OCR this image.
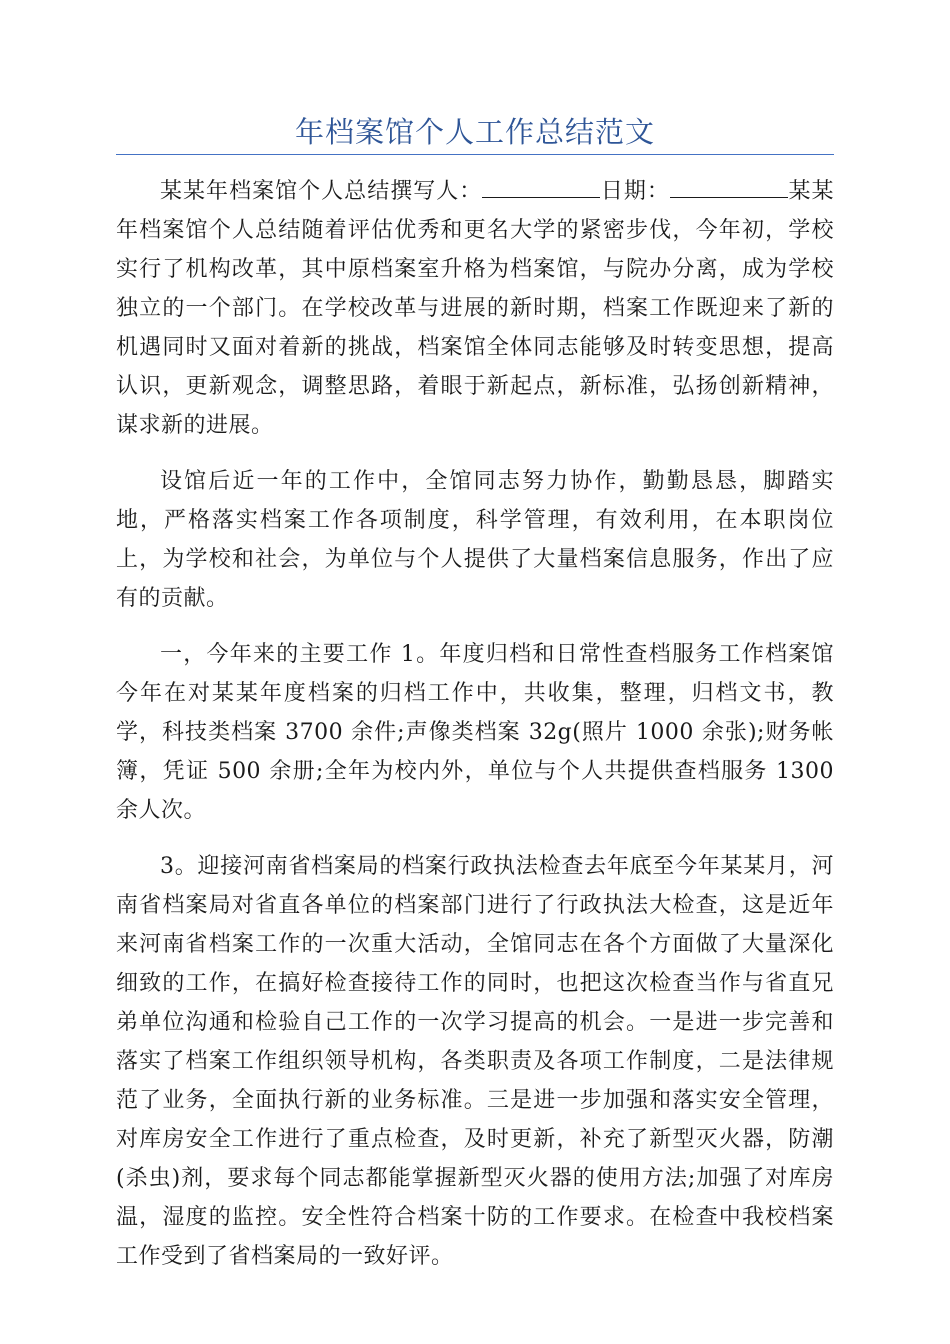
年档案馆个人工作总结范文

某某年档案馆个人总结撰写人：	日期：	某某年档案馆个人总结随着评估优秀和更名大学的紧密步伐，今年初，学校实行了机构改革，其中原档案室升格为档案馆，与院办分离，成为学校独立的一个部门。在学校改革与进展的新时期，档案工作既迎来了新的机遇同时又面对着新的挑战，档案馆全体同志能够及时转变思想，提高认识，更新观念，调整思路，着眼于新起点，新标准，弘扬创新精神，谋求新的进展。

设馆后近一年的工作中，全馆同志努力协作，勤勤恳恳，脚踏实地，严格落实档案工作各项制度，科学管理，有效利用，在本职岗位上，为学校和社会，为单位与个人提供了大量档案信息服务，作出了应有的贡献。

一，今年来的主要工作 1。年度归档和日常性查档服务工作档案馆今年在对某某年度档案的归档工作中，共收集，整理，归档文书，教学，科技类档案 3700 余件;声像类档案 32g(照片 1000 余张);财务帐簿，凭证 500 余册;全年为校内外，单位与个人共提供查档服务 1300 余人次。

3。迎接河南省档案局的档案行政执法检查去年底至今年某某月，河南省档案局对省直各单位的档案部门进行了行政执法大检查，这是近年来河南省档案工作的一次重大活动，全馆同志在各个方面做了大量深化细致的工作，在搞好检查接待工作的同时，也把这次检查当作与省直兄弟单位沟通和检验自己工作的一次学习提高的机会。一是进一步完善和落实了档案工作组织领导机构，各类职责及各项工作制度，二是法律规范了业务，全面执行新的业务标准。三是进一步加强和落实安全管理，对库房安全工作进行了重点检查，及时更新，补充了新型灭火器，防潮(杀虫)剂，要求每个同志都能掌握新型灭火器的使用方法;加强了对库房温，湿度的监控。安全性符合档案十防的工作要求。在检查中我校档案工作受到了省档案局的一致好评。
